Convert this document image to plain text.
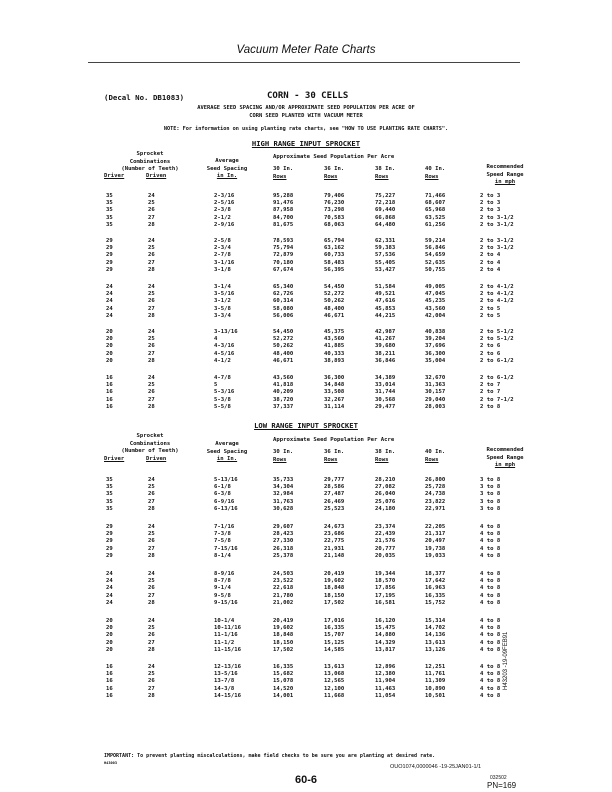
Vacuum Meter Rate Charts
(Decal No. DB1083)	CORN - 30 CELLS
AVERAGE SEED SPACING AND/OR APPROXIMATE SEED POPULATION PER ACRE OF
CORN SEED PLANTED WITH VACUUM METER
NOTE: For information on using planting rate charts, see "HOW TO USE PLANTING RATE CHARTS".
HIGH RANGE INPUT SPROCKET
Sprocket
Combinations
(Number of Teeth)
Driver	Driven
Average
Seed Spacing
in In.
Approximate Seed Population Per Acre
30 In.
Rows
36 In.
Rows
38 In.
Rows
40 In.
Rows
Recommended
Speed Range
in mph
35	24	2-3/16	95,288	79,406	75,227	71,466	2 to 3
35	25	2-5/16	91,476	76,230	72,218	68,607	2 to 3
35	26	2-3/8	87,958	73,298	69,440	65,968	2 to 3
35	27	2-1/2	84,700	70,583	66,868	63,525	2 to 3-1/2
35	28	2-9/16	81,675	68,063	64,480	61,256	2 to 3-1/2
29	24	2-5/8	78,593	65,794	62,331	59,214	2 to 3-1/2
29	25	2-3/4	75,794	63,162	59,383	56,846	2 to 3-1/2
29	26	2-7/8	72,879	60,733	57,536	54,659	2 to 4
29	27	3-1/16	70,180	58,483	55,405	52,635	2 to 4
29	28	3-1/8	67,674	56,395	53,427	50,755	2 to 4
24	24	3-1/4	65,340	54,450	51,584	49,005	2 to 4-1/2
24	25	3-5/16	62,726	52,272	49,521	47,045	2 to 4-1/2
24	26	3-1/2	60,314	50,262	47,616	45,235	2 to 4-1/2
24	27	3-5/8	58,080	48,400	45,853	43,560	2 to 5
24	28	3-3/4	56,006	46,671	44,215	42,004	2 to 5
20	24	3-13/16	54,450	45,375	42,987	40,838	2 to 5-1/2
20	25	4	52,272	43,560	41,267	39,204	2 to 5-1/2
20	26	4-3/16	50,262	41,885	39,680	37,696	2 to 6
20	27	4-5/16	48,400	40,333	38,211	36,300	2 to 6
20	28	4-1/2	46,671	38,893	36,846	35,004	2 to 6-1/2
16	24	4-7/8	43,560	36,300	34,389	32,670	2 to 6-1/2
16	25	5	41,818	34,848	33,014	31,363	2 to 7
16	26	5-3/16	40,209	33,508	31,744	30,157	2 to 7
16	27	5-3/8	38,720	32,267	30,568	29,040	2 to 7-1/2
16	28	5-5/8	37,337	31,114	29,477	28,003	2 to 8
LOW RANGE INPUT SPROCKET
Sprocket
Combinations
(Number of Teeth)
Driver	Driven
Average
Seed Spacing
in In.
Approximate Seed Population Per Acre
30 In.
Rows
36 In.
Rows
38 In.
Rows
40 In.
Rows
Recommended
Speed Range
in mph
35	24	5-13/16	35,733	29,777	28,210	26,800	3 to 8
35	25	6-1/8	34,304	28,586	27,082	25,728	3 to 8
35	26	6-3/8	32,984	27,487	26,040	24,738	3 to 8
35	27	6-9/16	31,763	26,469	25,076	23,822	3 to 8
35	28	6-13/16	30,628	25,523	24,180	22,971	3 to 8
29	24	7-1/16	29,607	24,673	23,374	22,205	4 to 8
29	25	7-3/8	28,423	23,686	22,439	21,317	4 to 8
29	26	7-5/8	27,330	22,775	21,576	20,497	4 to 8
29	27	7-15/16	26,318	21,931	20,777	19,738	4 to 8
29	28	8-1/4	25,378	21,148	20,035	19,033	4 to 8
24	24	8-9/16	24,503	20,419	19,344	18,377	4 to 8
24	25	8-7/8	23,522	19,602	18,570	17,642	4 to 8
24	26	9-1/4	22,618	18,848	17,856	16,963	4 to 8
24	27	9-5/8	21,780	18,150	17,195	16,335	4 to 8
24	28	9-15/16	21,002	17,502	16,581	15,752	4 to 8
20	24	10-1/4	20,419	17,016	16,120	15,314	4 to 8
20	25	10-11/16	19,602	16,335	15,475	14,702	4 to 8
20	26	11-1/16	18,848	15,707	14,880	14,136	4 to 8
20	27	11-1/2	18,150	15,125	14,329	13,613	4 to 8
20	28	11-15/16	17,502	14,585	13,817	13,126	4 to 8
16	24	12-13/16	16,335	13,613	12,896	12,251	4 to 8
16	25	13-5/16	15,682	13,068	12,380	11,761	4 to 8
16	26	13-7/8	15,078	12,565	11,904	11,309	4 to 8
16	27	14-3/8	14,520	12,100	11,463	10,890	4 to 8
16	28	14-15/16	14,001	11,668	11,054	10,501	4 to 8
IMPORTANT: To prevent planting miscalculations, make field checks to be sure you are planting at desired rate.
H43003
H43203 -19-09FEB91
OUO1074,0000046 -19-25JAN01-1/1
60-6	032502
PN=169
